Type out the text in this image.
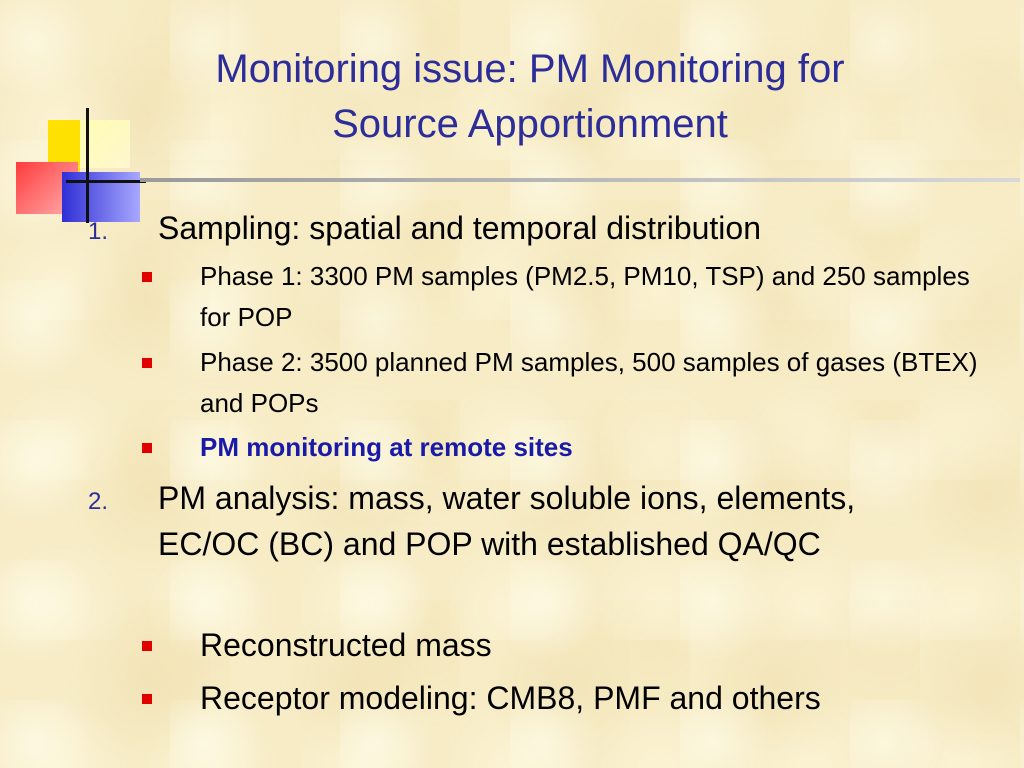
Monitoring issue: PM Monitoring for
Source Apportionment
1. Sampling: spatial and temporal distribution
Phase 1: 3300 PM samples (PM2.5, PM10, TSP) and 250 samples for POP
Phase 2: 3500 planned PM samples, 500 samples of gases (BTEX) and POPs
PM monitoring at remote sites
2. PM analysis: mass, water soluble ions, elements, EC/OC (BC) and POP with established QA/QC
Reconstructed mass
Receptor modeling: CMB8, PMF and others
